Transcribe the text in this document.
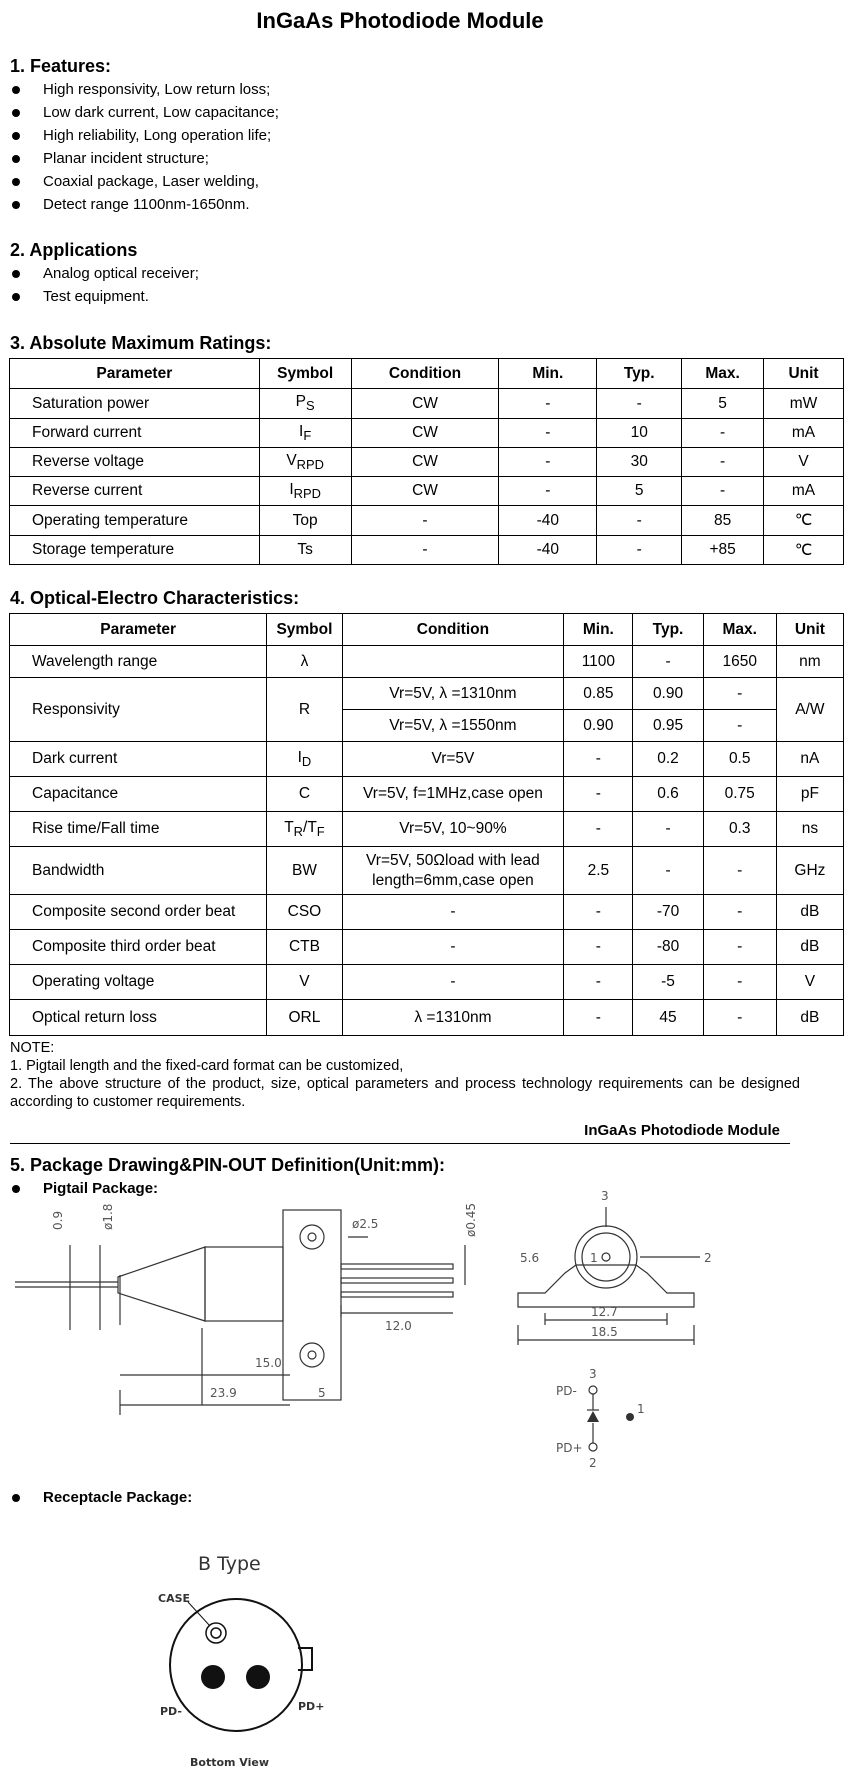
InGaAs Photodiode Module
1. Features:
High responsivity, Low return loss;
Low dark current, Low capacitance;
High reliability, Long operation life;
Planar incident structure;
Coaxial package, Laser welding,
Detect range 1100nm-1650nm.
2. Applications
Analog optical receiver;
Test equipment.
3. Absolute Maximum Ratings:
Parameter	Symbol	Condition	Min.	Typ.	Max.	Unit
Saturation power	$P_S$	CW	-	-	5	mW
Forward current	$I_F$	CW	-	10	-	mA
Reverse voltage	$V_{RPD}$	CW	-	30	-	V
Reverse current	$I_{RPD}$	CW	-	5	-	mA
Operating temperature	Top	-	-40	-	85	℃
Storage temperature	Ts	-	-40	-	+85	℃
4. Optical-Electro Characteristics:
Parameter	Symbol	Condition	Min.	Typ.	Max.	Unit
Wavelength range	λ		1100	-	1650	nm
Responsivity	R	Vr=5V, λ =1310nm	0.85	0.90	-	A/W
		Vr=5V, λ =1550nm	0.90	0.95	-	
Dark current	$I_D$	Vr=5V	-	0.2	0.5	nA
Capacitance	C	Vr=5V, f=1MHz,case open	-	0.6	0.75	pF
Rise time/Fall time	$T_R/T_F$	Vr=5V, 10~90%	-	-	0.3	ns
Bandwidth	BW	Vr=5V, 50Ωload with lead
length=6mm,case open	2.5	-	-	GHz
Composite second order beat	CSO	-	-	-70	-	dB
Composite third order beat	CTB	-	-	-80	-	dB
Operating voltage	V	-	-	-5	-	V
Optical return loss	ORL	λ =1310nm	-	45	-	dB
NOTE:
1. Pigtail length and the fixed-card format can be customized,
2. The above structure of the product, size, optical parameters and process technology requirements can be designed according to customer requirements.
InGaAs Photodiode Module
5. Package Drawing&PIN-OUT Definition(Unit:mm):
Pigtail Package:
0.9	ø1.8	ø2.5	ø0.45
12.0
15.0
23.9	5
3
2
1
5.6
12.7
18.5
3
PD-
1
PD+
2
Receptacle Package:
B Type
CASE
PD-	PD+
Bottom View
